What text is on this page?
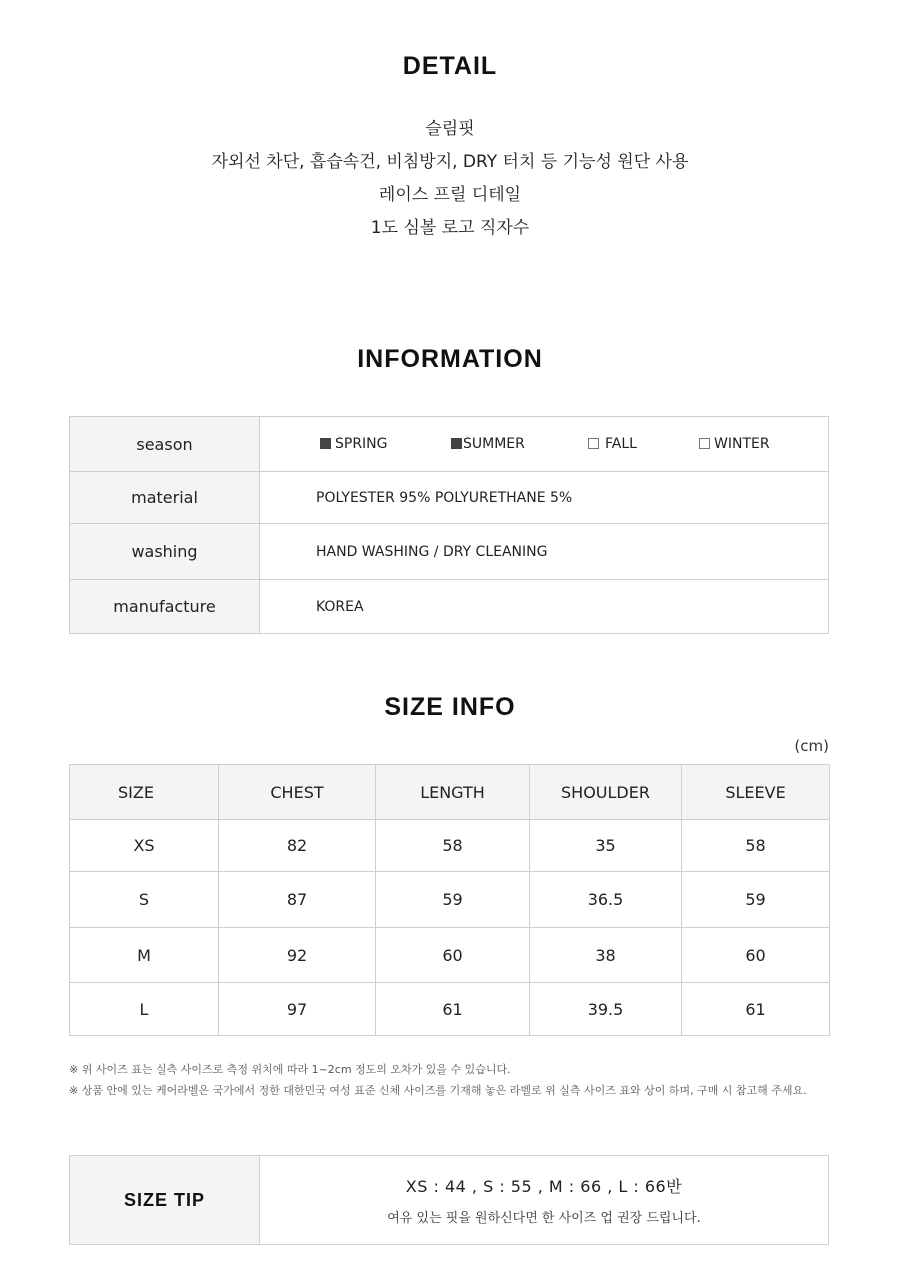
DETAIL
슬림핏
자외선 차단, 흡습속건, 비침방지, DRY 터치 등 기능성 원단 사용
레이스 프릴 디테일
1도 심볼 로고 직자수
INFORMATION
season	SPRING SUMMER FALL WINTER

material	POLYESTER 95% POLYURETHANE 5%
washing	HAND WASHING / DRY CLEANING
manufacture	KOREA
SIZE INFO
(cm)
SIZE	CHEST	LENGTH	SHOULDER	SLEEVE
XS	82	58	35	58
S	87	59	36.5	59
M	92	60	38	60
L	97	61	39.5	61
※ 위 사이즈 표는 실측 사이즈로 측정 위치에 따라 1~2cm 정도의 오차가 있을 수 있습니다.
※ 상품 안에 있는 케어라벨은 국가에서 정한 대한민국 여성 표준 신체 사이즈를 기재해 놓은 라벨로 위 실측 사이즈 표와 상이 하며, 구매 시 참고해 주세요.
SIZE TIP	
XS : 44 , S : 55 , M : 66 , L : 66반
여유 있는 핏을 원하신다면 한 사이즈 업 권장 드립니다.
